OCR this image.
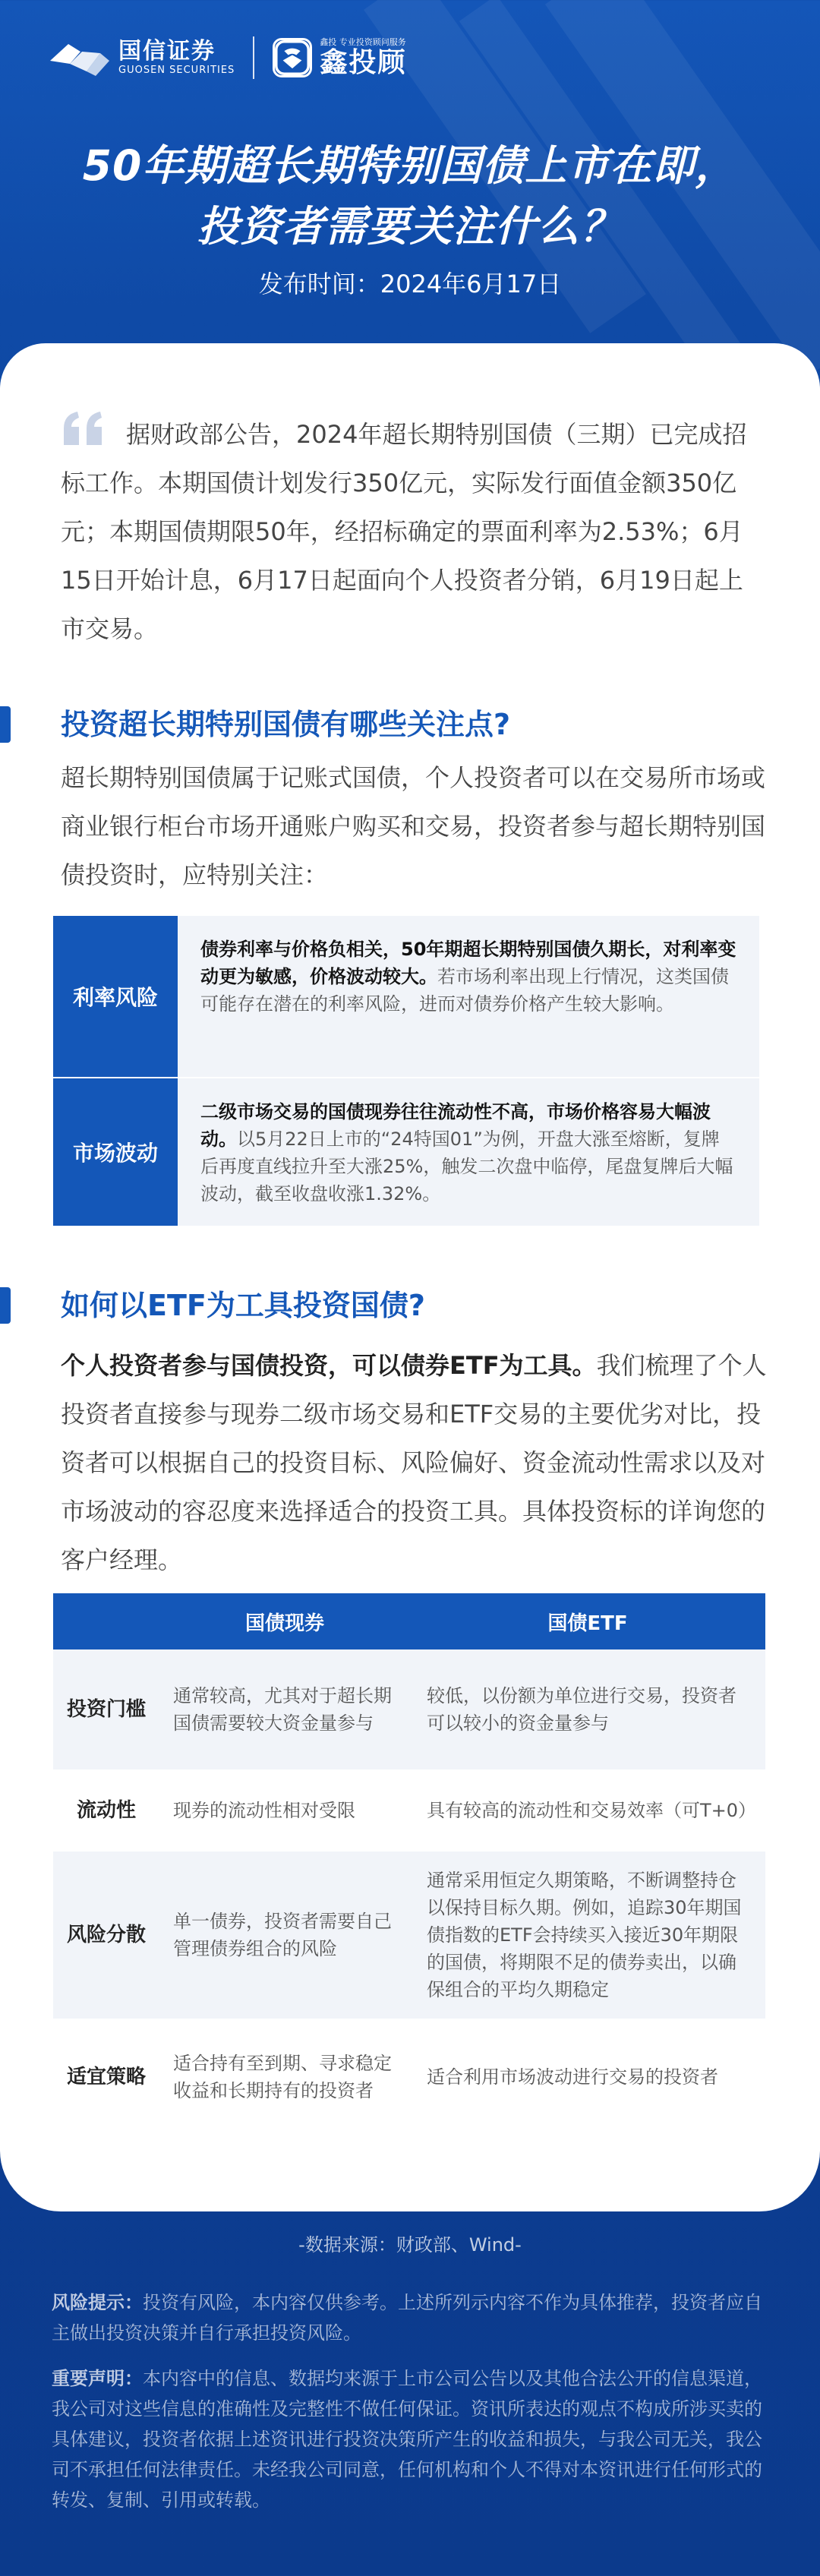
国信证券
GUOSEN SECURITIES
鑫投 专业投资顾问服务
鑫投顾
50年期超长期特别国债上市在即，
投资者需要关注什么？
发布时间：2024年6月17日
据财政部公告，2024年超长期特别国债（三期）已完成招标工作。本期国债计划发行350亿元，实际发行面值金额350亿元；本期国债期限50年，经招标确定的票面利率为2.53%；6月15日开始计息，6月17日起面向个人投资者分销，6月19日起上市交易。
投资超长期特别国债有哪些关注点?
超长期特别国债属于记账式国债，个人投资者可以在交易所市场或商业银行柜台市场开通账户购买和交易，投资者参与超长期特别国债投资时，应特别关注：
利率风险
债券利率与价格负相关，50年期超长期特别国债久期长，对利率变动更为敏感，价格波动较大。若市场利率出现上行情况，这类国债可能存在潜在的利率风险，进而对债券价格产生较大影响。
市场波动
二级市场交易的国债现券往往流动性不高，市场价格容易大幅波动。以5月22日上市的“24特国01”为例，开盘大涨至熔断，复牌后再度直线拉升至大涨25%，触发二次盘中临停，尾盘复牌后大幅波动，截至收盘收涨1.32%。
如何以ETF为工具投资国债?
个人投资者参与国债投资，可以债券ETF为工具。我们梳理了个人投资者直接参与现券二级市场交易和ETF交易的主要优劣对比，投资者可以根据自己的投资目标、风险偏好、资金流动性需求以及对市场波动的容忍度来选择适合的投资工具。具体投资标的详询您的客户经理。
	国债现券	国债ETF
投资门槛	通常较高，尤其对于超长期国债需要较大资金量参与	较低，以份额为单位进行交易，投资者可以较小的资金量参与
流动性	现券的流动性相对受限	具有较高的流动性和交易效率（可T+0）
风险分散	单一债券，投资者需要自己管理债券组合的风险	通常采用恒定久期策略，不断调整持仓以保持目标久期。例如，追踪30年期国债指数的ETF会持续买入接近30年期限的国债，将期限不足的债券卖出，以确保组合的平均久期稳定
适宜策略	适合持有至到期、寻求稳定收益和长期持有的投资者	适合利用市场波动进行交易的投资者
-数据来源：财政部、Wind-
风险提示：投资有风险，本内容仅供参考。上述所列示内容不作为具体推荐，投资者应自主做出投资决策并自行承担投资风险。
重要声明：本内容中的信息、数据均来源于上市公司公告以及其他合法公开的信息渠道，我公司对这些信息的准确性及完整性不做任何保证。资讯所表达的观点不构成所涉买卖的具体建议，投资者依据上述资讯进行投资决策所产生的收益和损失，与我公司无关，我公司不承担任何法律责任。未经我公司同意，任何机构和个人不得对本资讯进行任何形式的转发、复制、引用或转载。
